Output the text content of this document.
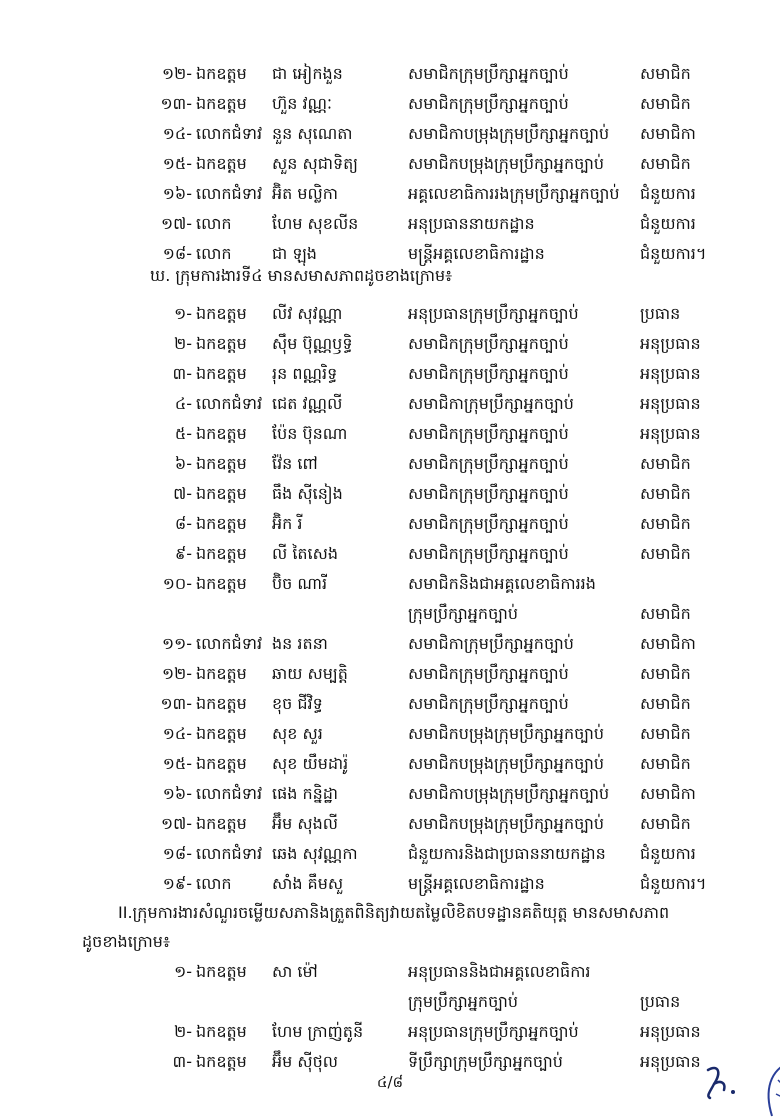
១២- ឯកឧត្តម ជា អៀកងួន	សមាជិកក្រុមប្រឹក្សាអ្នកច្បាប់	សមាជិក
១៣- ឯកឧត្តម ហ៊ួន វណ្ណៈ	សមាជិកក្រុមប្រឹក្សាអ្នកច្បាប់	សមាជិក
១៤- លោកជំទាវ នួន សុណេតា	សមាជិកាបម្រុងក្រុមប្រឹក្សាអ្នកច្បាប់ សមាជិកា
១៥- ឯកឧត្តម សួន សុជាទិត្យ	សមាជិកបម្រុងក្រុមប្រឹក្សាអ្នកច្បាប់ សមាជិក
១៦- លោកជំទាវ អ៊ិត មល្លិកា	អគ្គលេខាធិការរងក្រុមប្រឹក្សាអ្នកច្បាប់ ជំនួយការ
១៧- លោក	ហែម សុខលីន	អនុប្រធាននាយកដ្ឋាន	ជំនួយការ
១៨- លោក	ជា ឡុង	មន្ត្រីអគ្គលេខាធិការដ្ឋាន	ជំនួយការ។
ឃ. ក្រុមការងារទី៤ មានសមាសភាពដូចខាងក្រោម៖
១- ឯកឧត្តម លីវ សុវណ្ណា	អនុប្រធានក្រុមប្រឹក្សាអ្នកច្បាប់	ប្រធាន
២- ឯកឧត្តម ស៊ឹម ប៊ុណ្ណឫទ្ធិ	សមាជិកក្រុមប្រឹក្សាអ្នកច្បាប់	អនុប្រធាន
៣- ឯកឧត្តម រុន ពណ្ណរិទ្ធ	សមាជិកក្រុមប្រឹក្សាអ្នកច្បាប់	អនុប្រធាន
៤- លោកជំទាវ ជេត វណ្ណលី	សមាជិកាក្រុមប្រឹក្សាអ្នកច្បាប់	អនុប្រធាន
៥- ឯកឧត្តម ប៉ែន ប៊ុនណា	សមាជិកក្រុមប្រឹក្សាអ្នកច្បាប់	អនុប្រធាន
៦- ឯកឧត្តម វ៉ែន ពៅ	សមាជិកក្រុមប្រឹក្សាអ្នកច្បាប់	សមាជិក
៧- ឯកឧត្តម ធឹង ស៊ីនៀង	សមាជិកក្រុមប្រឹក្សាអ្នកច្បាប់	សមាជិក
៨- ឯកឧត្តម អ៊ិក រី	សមាជិកក្រុមប្រឹក្សាអ្នកច្បាប់	សមាជិក
៩- ឯកឧត្តម លី តៃសេង	សមាជិកក្រុមប្រឹក្សាអ្នកច្បាប់	សមាជិក
១០- ឯកឧត្តម ប៊ិច ណារី	សមាជិកនិងជាអគ្គលេខាធិការរង
ក្រុមប្រឹក្សាអ្នកច្បាប់	សមាជិក
១១- លោកជំទាវ ងន រតនា	សមាជិកាក្រុមប្រឹក្សាអ្នកច្បាប់	សមាជិកា
១២- ឯកឧត្តម ឆាយ សម្បត្តិ	សមាជិកក្រុមប្រឹក្សាអ្នកច្បាប់	សមាជិក
១៣- ឯកឧត្តម ខុច ជីវិទ្ធ	សមាជិកក្រុមប្រឹក្សាអ្នកច្បាប់	សមាជិក
១៤- ឯកឧត្តម សុខ សួរ	សមាជិកបម្រុងក្រុមប្រឹក្សាអ្នកច្បាប់ សមាជិក
១៥- ឯកឧត្តម សុខ យឹមដារ៉ូ	សមាជិកបម្រុងក្រុមប្រឹក្សាអ្នកច្បាប់ សមាជិក
១៦- លោកជំទាវ ផេង កន្និដ្ឋា	សមាជិកាបម្រុងក្រុមប្រឹក្សាអ្នកច្បាប់ សមាជិកា
១៧- ឯកឧត្តម អ៊ឹម សុងលី	សមាជិកបម្រុងក្រុមប្រឹក្សាអ្នកច្បាប់ សមាជិក
១៨- លោកជំទាវ ឆេង សុវណ្ណកា	ជំនួយការនិងជាប្រធាននាយកដ្ឋាន ជំនួយការ
១៩- លោក	សាំង គឹមសួ	មន្ត្រីអគ្គលេខាធិការដ្ឋាន	ជំនួយការ។
II.ក្រុមការងារសំណួរចម្លើយសភានិងត្រួតពិនិត្យវាយតម្លៃលិខិតបទដ្ឋានគតិយុត្ត មានសមាសភាព
ដូចខាងក្រោម៖
១- ឯកឧត្តម សា ម៉ៅ	អនុប្រធាននិងជាអគ្គលេខាធិការ
ក្រុមប្រឹក្សាអ្នកច្បាប់	ប្រធាន
២- ឯកឧត្តម ហែម ក្រាញ់តូនី	អនុប្រធានក្រុមប្រឹក្សាអ្នកច្បាប់	អនុប្រធាន
៣- ឯកឧត្តម អ៊ឹម ស៊ីថុល	ទីប្រឹក្សាក្រុមប្រឹក្សាអ្នកច្បាប់	អនុប្រធាន
៤/៨
